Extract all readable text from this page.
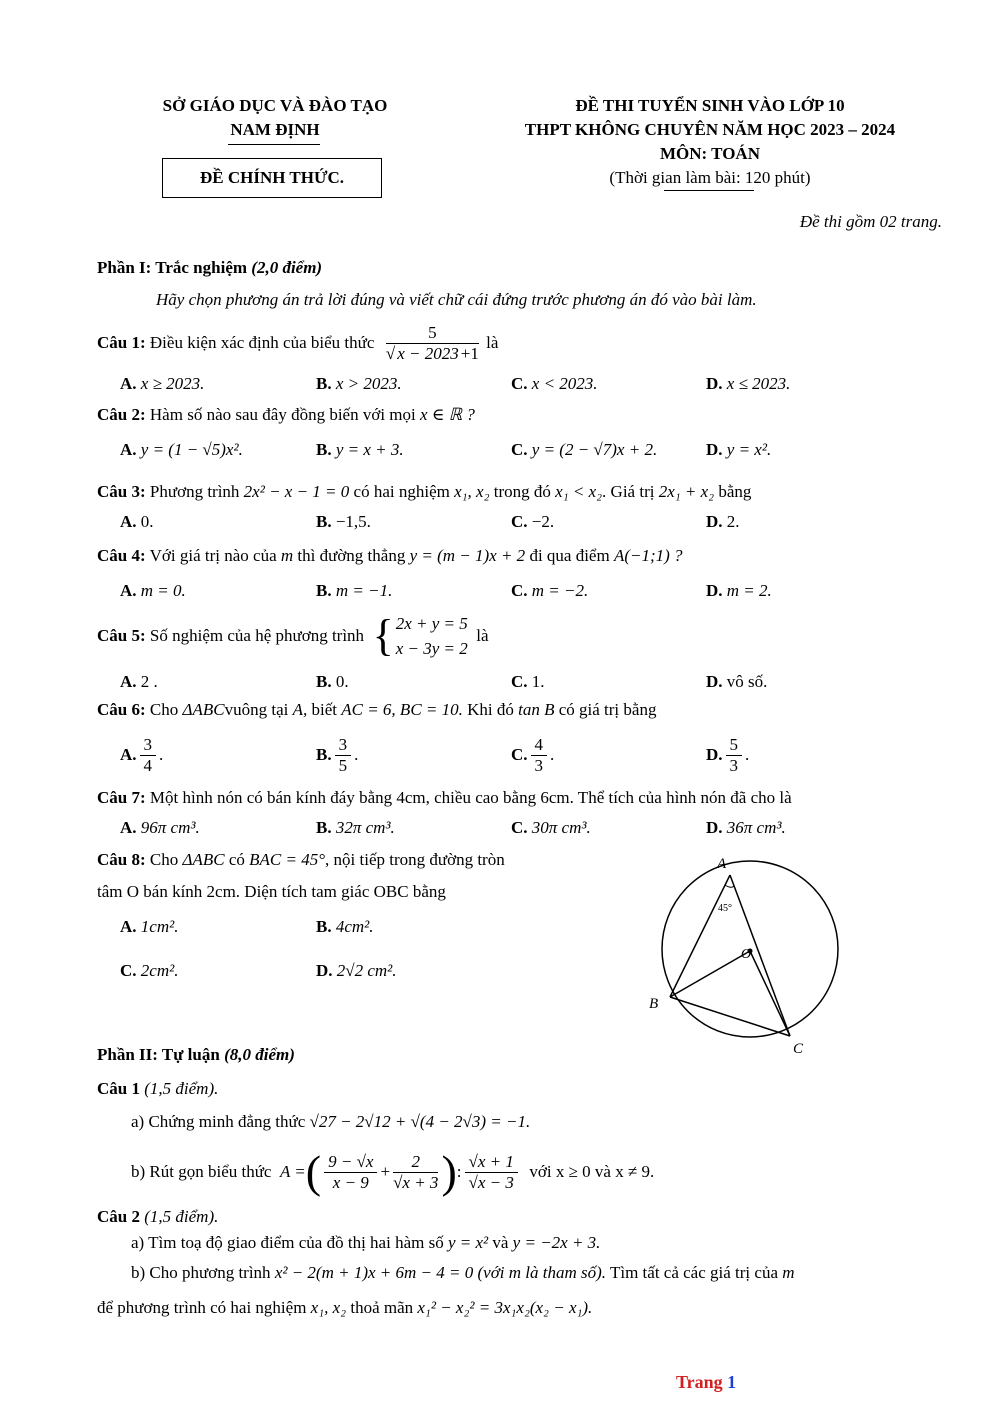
SỞ GIÁO DỤC VÀ ĐÀO TẠO
NAM ĐỊNH
ĐỀ CHÍNH THỨC.
ĐỀ THI TUYỂN SINH VÀO LỚP 10
THPT KHÔNG CHUYÊN NĂM HỌC 2023 – 2024
MÔN: TOÁN
(Thời gian làm bài: 120 phút)
Đề thi gồm 02 trang.
Phần I: Trắc nghiệm (2,0 điểm)
Hãy chọn phương án trả lời đúng và viết chữ cái đứng trước phương án đó vào bài làm.
Câu 1:
Điều kiện xác định của biểu thức
$\frac{5}{√ x - 2023 +1}$
là
A. x ≥ 2023.	B. x > 2023.	C. x < 2023.	D. x ≤ 2023.
Câu 2: Hàm số nào sau đây đồng biến với mọi x ∈ ℝ ?
A. y = (1 − √5)x².	B. y = x + 3.	C. y = (2 − √7)x + 2.	D. y = x².
Câu 3: Phương trình 2x² − x − 1 = 0 có hai nghiệm x₁, x₂ trong đó x₁ < x₂. Giá trị 2x₁ + x₂ bằng
A. 0.	B. −1,5.	C. −2.	D. 2.
Câu 4: Với giá trị nào của m thì đường thẳng y = (m − 1)x + 2 đi qua điểm A(−1;1) ?
A. m = 0.	B. m = −1.	C. m = −2.	D. m = 2.
Câu 5:
Số nghiệm của hệ phương trình
{ 2x + y = 5
x − 3y = 2

là
A. 2 .	B. 0.	C. 1.	D. vô số.
Câu 6: Cho ΔABCvuông tại A, biết AC = 6, BC = 10. Khi đó tan B có giá trị bằng
A. $\frac{3}{4}$ .	B. $\frac{3}{5}$ .	C. $\frac{4}{3}$ .	D. $\frac{5}{3}$ .
Câu 7: Một hình nón có bán kính đáy bằng 4cm, chiều cao bằng 6cm. Thể tích của hình nón đã cho là
A. 96π cm³.	B. 32π cm³.	C. 30π cm³.	D. 36π cm³.
Câu 8: Cho ΔABC có BAC = 45°, nội tiếp trong đường tròn
tâm O bán kính 2cm. Diện tích tam giác OBC bằng
A. 1cm².	B. 4cm².
C. 2cm².	D. 2√2 cm².
A
B
C
O
45°
Phần II: Tự luận (8,0 điểm)
Câu 1 (1,5 điểm).
a) Chứng minh đẳng thức √27 − 2√12 + √(4 − 2√3) = −1.
b) Rút gọn biểu thức
A = ( $\frac{9 - √x}{x - 9} + \frac{2}{√x + 3}$ ) : $\frac{√x + 1}{√x - 3}$
với x ≥ 0 và x ≠ 9.
Câu 2 (1,5 điểm).
a) Tìm toạ độ giao điểm của đồ thị hai hàm số y = x² và y = −2x + 3.
b) Cho phương trình x² − 2(m + 1)x + 6m − 4 = 0 (với m là tham số). Tìm tất cả các giá trị của m
để phương trình có hai nghiệm x₁, x₂ thoả mãn x₁² − x₂² = 3x₁x₂(x₂ − x₁).
Trang 1
